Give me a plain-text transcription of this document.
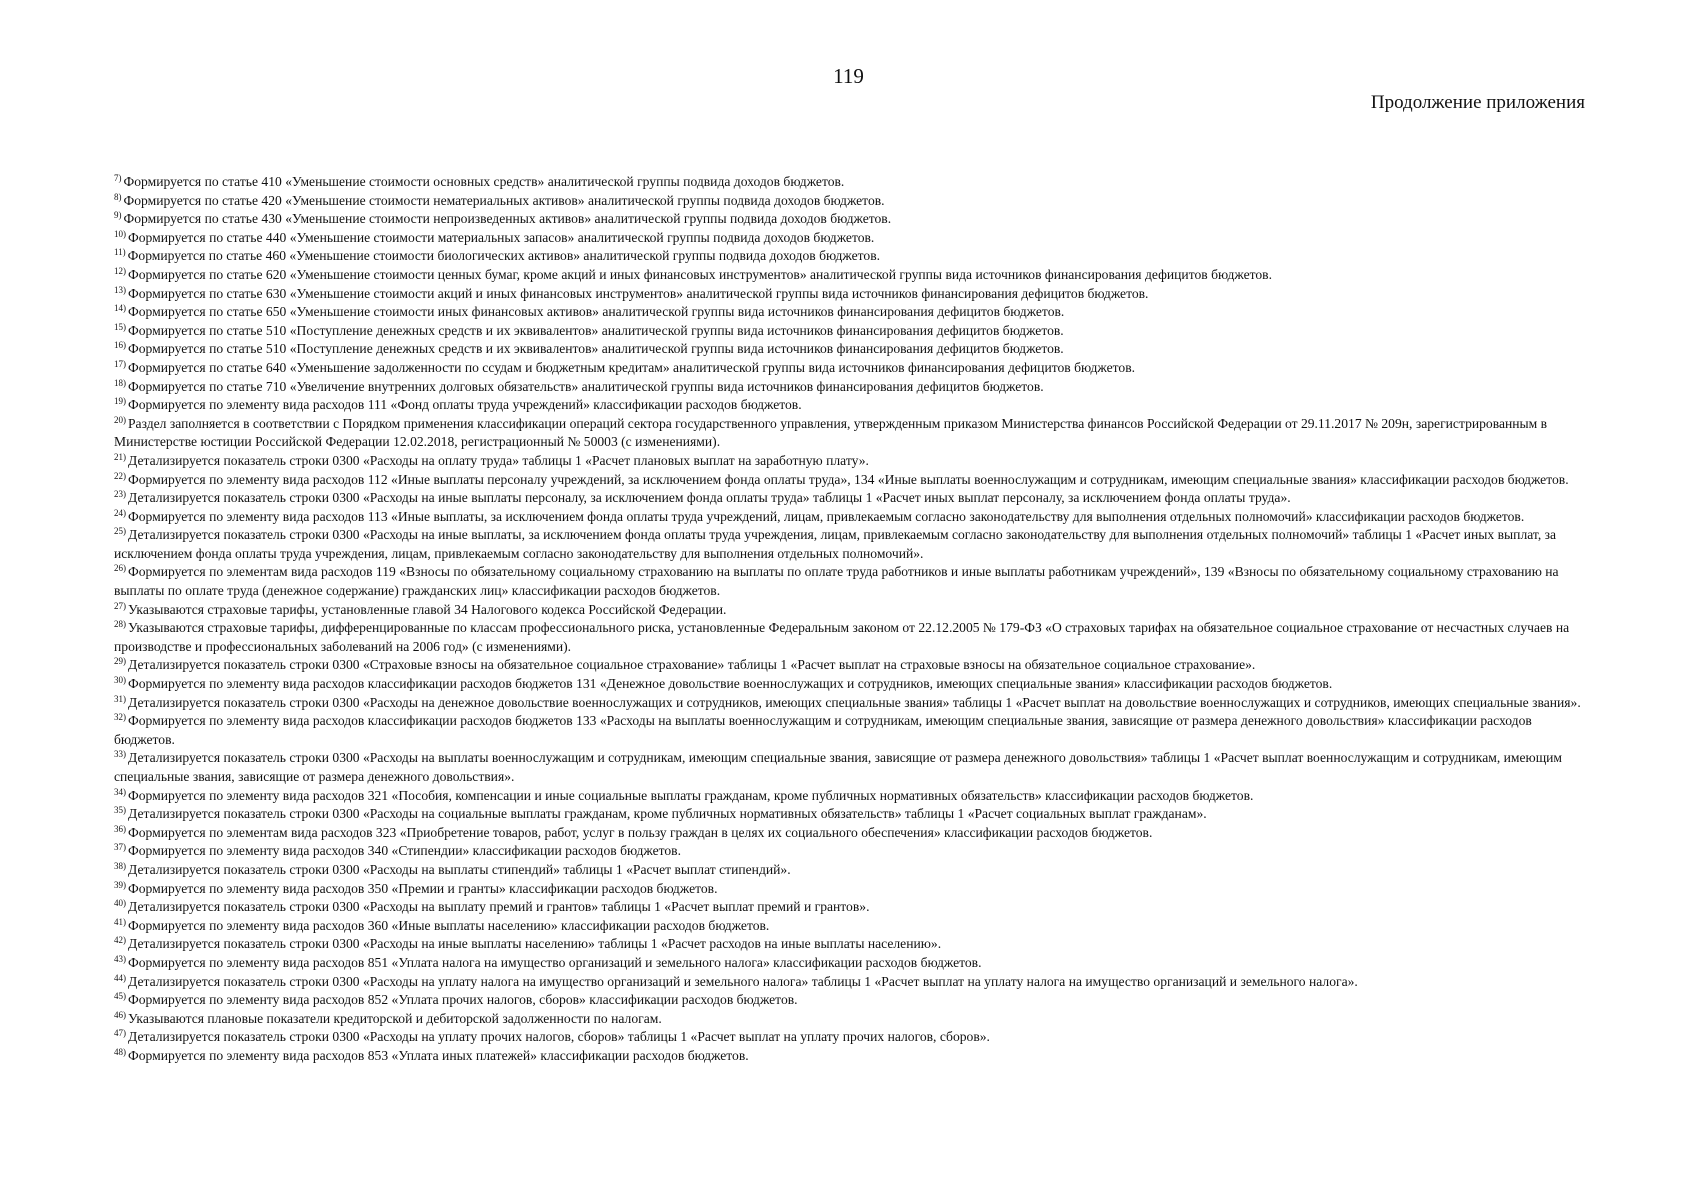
119
Продолжение приложения

$^{7)}$ Формируется по статье 410 «Уменьшение стоимости основных средств» аналитической группы подвида доходов бюджетов.

$^{8)}$ Формируется по статье 420 «Уменьшение стоимости нематериальных активов» аналитической группы подвида доходов бюджетов.

$^{9)}$ Формируется по статье 430 «Уменьшение стоимости непроизведенных активов» аналитической группы подвида доходов бюджетов.

$^{10)}$ Формируется по статье 440 «Уменьшение стоимости материальных запасов» аналитической группы подвида доходов бюджетов.

$^{11)}$ Формируется по статье 460 «Уменьшение стоимости биологических активов» аналитической группы подвида доходов бюджетов.

$^{12)}$ Формируется по статье 620 «Уменьшение стоимости ценных бумаг, кроме акций и иных финансовых инструментов» аналитической группы вида источников финансирования дефицитов бюджетов.

$^{13)}$ Формируется по статье 630 «Уменьшение стоимости акций и иных финансовых инструментов» аналитической группы вида источников финансирования дефицитов бюджетов.

$^{14)}$ Формируется по статье 650 «Уменьшение стоимости иных финансовых активов» аналитической группы вида источников финансирования дефицитов бюджетов.

$^{15)}$ Формируется по статье 510 «Поступление денежных средств и их эквивалентов» аналитической группы вида источников финансирования дефицитов бюджетов.

$^{16)}$ Формируется по статье 510 «Поступление денежных средств и их эквивалентов» аналитической группы вида источников финансирования дефицитов бюджетов.

$^{17)}$ Формируется по статье 640 «Уменьшение задолженности по ссудам и бюджетным кредитам» аналитической группы вида источников финансирования дефицитов бюджетов.

$^{18)}$ Формируется по статье 710 «Увеличение внутренних долговых обязательств» аналитической группы вида источников финансирования дефицитов бюджетов.

$^{19)}$ Формируется по элементу вида расходов 111 «Фонд оплаты труда учреждений» классификации расходов бюджетов.

$^{20)}$ Раздел заполняется в соответствии с Порядком применения классификации операций сектора государственного управления, утвержденным приказом Министерства финансов Российской Федерации от 29.11.2017 № 209н, зарегистрированным в Министерстве юстиции Российской Федерации 12.02.2018, регистрационный № 50003 (с изменениями).

$^{21)}$ Детализируется показатель строки 0300 «Расходы на оплату труда» таблицы 1 «Расчет плановых выплат на заработную плату».

$^{22)}$ Формируется по элементу вида расходов 112 «Иные выплаты персоналу учреждений, за исключением фонда оплаты труда», 134 «Иные выплаты военнослужащим и сотрудникам, имеющим специальные звания» классификации расходов бюджетов.

$^{23)}$ Детализируется показатель строки 0300 «Расходы на иные выплаты персоналу, за исключением фонда оплаты труда» таблицы 1 «Расчет иных выплат персоналу, за исключением фонда оплаты труда».

$^{24)}$ Формируется по элементу вида расходов 113 «Иные выплаты, за исключением фонда оплаты труда учреждений, лицам, привлекаемым согласно законодательству для выполнения отдельных полномочий» классификации расходов бюджетов.

$^{25)}$ Детализируется показатель строки 0300 «Расходы на иные выплаты, за исключением фонда оплаты труда учреждения, лицам, привлекаемым согласно законодательству для выполнения отдельных полномочий» таблицы 1 «Расчет иных выплат, за исключением фонда оплаты труда учреждения, лицам, привлекаемым согласно законодательству для выполнения отдельных полномочий».

$^{26)}$ Формируется по элементам вида расходов 119 «Взносы по обязательному социальному страхованию на выплаты по оплате труда работников и иные выплаты работникам учреждений», 139 «Взносы по обязательному социальному страхованию на выплаты по оплате труда (денежное содержание) гражданских лиц» классификации расходов бюджетов.

$^{27)}$ Указываются страховые тарифы, установленные главой 34 Налогового кодекса Российской Федерации.

$^{28)}$ Указываются страховые тарифы, дифференцированные по классам профессионального риска, установленные Федеральным законом от 22.12.2005 № 179-ФЗ «О страховых тарифах на обязательное социальное страхование от несчастных случаев на производстве и профессиональных заболеваний на 2006 год» (с изменениями).

$^{29)}$ Детализируется показатель строки 0300 «Страховые взносы на обязательное социальное страхование» таблицы 1 «Расчет выплат на страховые взносы на обязательное социальное страхование».

$^{30)}$ Формируется по элементу вида расходов классификации расходов бюджетов 131 «Денежное довольствие военнослужащих и сотрудников, имеющих специальные звания» классификации расходов бюджетов.

$^{31)}$ Детализируется показатель строки 0300 «Расходы на денежное довольствие военнослужащих и сотрудников, имеющих специальные звания» таблицы 1 «Расчет выплат на довольствие военнослужащих и сотрудников, имеющих специальные звания».

$^{32)}$ Формируется по элементу вида расходов классификации расходов бюджетов 133 «Расходы на выплаты военнослужащим и сотрудникам, имеющим специальные звания, зависящие от размера денежного довольствия» классификации расходов бюджетов.

$^{33)}$ Детализируется показатель строки 0300 «Расходы на выплаты военнослужащим и сотрудникам, имеющим специальные звания, зависящие от размера денежного довольствия» таблицы 1 «Расчет выплат военнослужащим и сотрудникам, имеющим специальные звания, зависящие от размера денежного довольствия».

$^{34)}$ Формируется по элементу вида расходов 321 «Пособия, компенсации и иные социальные выплаты гражданам, кроме публичных нормативных обязательств» классификации расходов бюджетов.

$^{35)}$ Детализируется показатель строки 0300 «Расходы на социальные выплаты гражданам, кроме публичных нормативных обязательств» таблицы 1 «Расчет социальных выплат гражданам».

$^{36)}$ Формируется по элементам вида расходов 323 «Приобретение товаров, работ, услуг в пользу граждан в целях их социального обеспечения» классификации расходов бюджетов.

$^{37)}$ Формируется по элементу вида расходов 340 «Стипендии» классификации расходов бюджетов.

$^{38)}$ Детализируется показатель строки 0300 «Расходы на выплаты стипендий» таблицы 1 «Расчет выплат стипендий».

$^{39)}$ Формируется по элементу вида расходов 350 «Премии и гранты» классификации расходов бюджетов.

$^{40)}$ Детализируется показатель строки 0300 «Расходы на выплату премий и грантов» таблицы 1 «Расчет выплат премий и грантов».

$^{41)}$ Формируется по элементу вида расходов 360 «Иные выплаты населению» классификации расходов бюджетов.

$^{42)}$ Детализируется показатель строки 0300 «Расходы на иные выплаты населению» таблицы 1 «Расчет расходов на иные выплаты населению».

$^{43)}$ Формируется по элементу вида расходов 851 «Уплата налога на имущество организаций и земельного налога» классификации расходов бюджетов.

$^{44)}$ Детализируется показатель строки 0300 «Расходы на уплату налога на имущество организаций и земельного налога» таблицы 1 «Расчет выплат на уплату налога на имущество организаций и земельного налога».

$^{45)}$ Формируется по элементу вида расходов 852 «Уплата прочих налогов, сборов» классификации расходов бюджетов.

$^{46)}$ Указываются плановые показатели кредиторской и дебиторской задолженности по налогам.

$^{47)}$ Детализируется показатель строки 0300 «Расходы на уплату прочих налогов, сборов» таблицы 1 «Расчет выплат на уплату прочих налогов, сборов».

$^{48)}$ Формируется по элементу вида расходов 853 «Уплата иных платежей» классификации расходов бюджетов.
